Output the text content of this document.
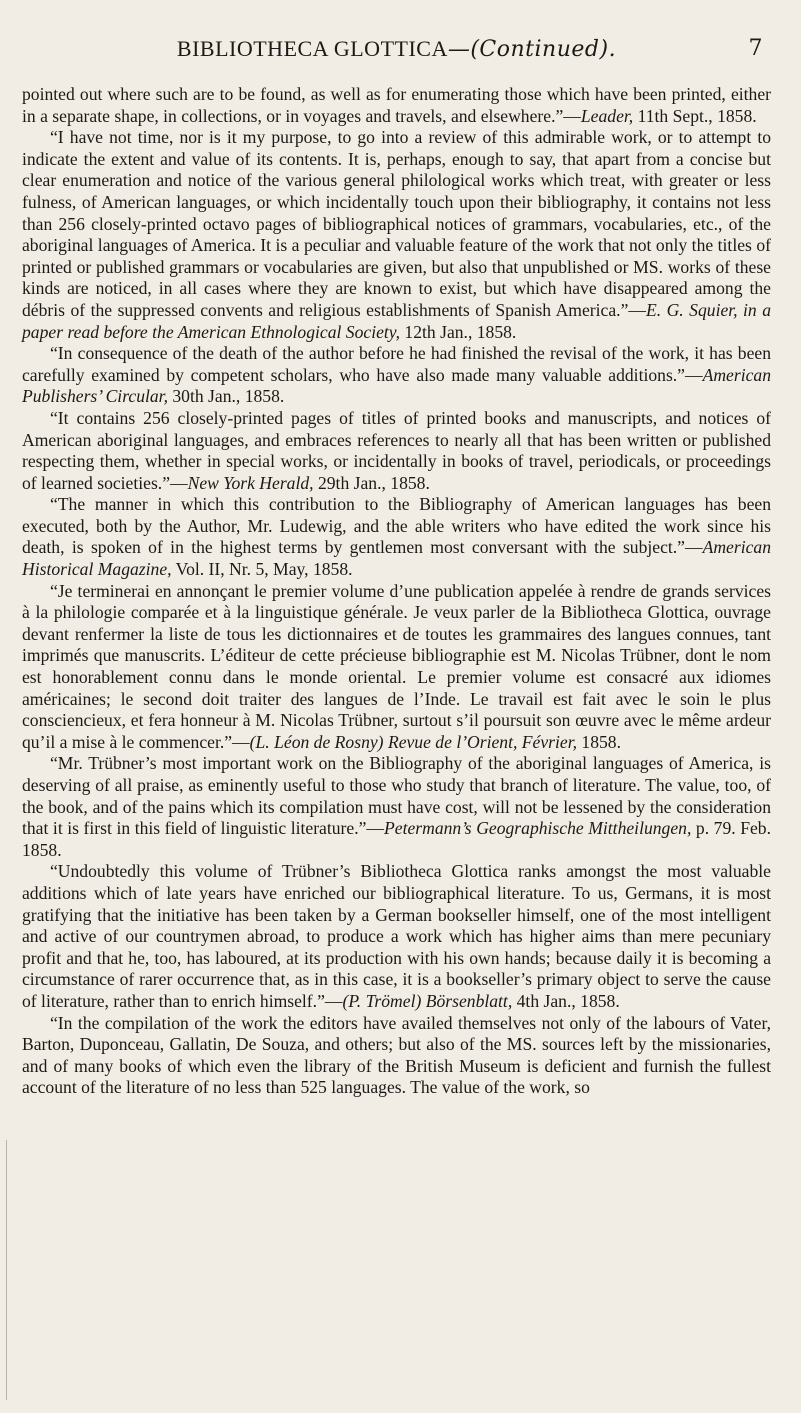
BIBLIOTHECA GLOTTICA—(Continued).	7

pointed out where such are to be found, as well as for enumerating those which have been printed, either in a separate shape, in collections, or in voyages and travels, and elsewhere.”—Leader, 11th Sept., 1858.

“I have not time, nor is it my purpose, to go into a review of this admirable work, or to attempt to indicate the extent and value of its contents. It is, perhaps, enough to say, that apart from a concise but clear enumeration and notice of the various general philological works which treat, with greater or less fulness, of American languages, or which incidentally touch upon their bibliography, it contains not less than 256 closely-printed octavo pages of bibliographical notices of grammars, vocabularies, etc., of the aboriginal languages of America. It is a peculiar and valuable feature of the work that not only the titles of printed or published grammars or vocabularies are given, but also that unpublished or MS. works of these kinds are noticed, in all cases where they are known to exist, but which have disappeared among the débris of the suppressed convents and religious establishments of Spanish America.”—E. G. Squier, in a paper read before the American Ethnological Society, 12th Jan., 1858.

“In consequence of the death of the author before he had finished the revisal of the work, it has been carefully examined by competent scholars, who have also made many valuable additions.”—American Publishers’ Circular, 30th Jan., 1858.

“It contains 256 closely-printed pages of titles of printed books and manuscripts, and notices of American aboriginal languages, and embraces references to nearly all that has been written or published respecting them, whether in special works, or incidentally in books of travel, periodicals, or proceedings of learned societies.”—New York Herald, 29th Jan., 1858.

“The manner in which this contribution to the Bibliography of American languages has been executed, both by the Author, Mr. Ludewig, and the able writers who have edited the work since his death, is spoken of in the highest terms by gentlemen most conversant with the subject.”—American Historical Magazine, Vol. II, Nr. 5, May, 1858.

“Je terminerai en annonçant le premier volume d’une publication appelée à rendre de grands services à la philologie comparée et à la linguistique générale. Je veux parler de la Bibliotheca Glottica, ouvrage devant renfermer la liste de tous les dictionnaires et de toutes les grammaires des langues connues, tant imprimés que manuscrits. L’éditeur de cette précieuse bibliographie est M. Nicolas Trübner, dont le nom est honorablement connu dans le monde oriental. Le premier volume est consacré aux idiomes américaines; le second doit traiter des langues de l’Inde. Le travail est fait avec le soin le plus consciencieux, et fera honneur à M. Nicolas Trübner, surtout s’il poursuit son œuvre avec le même ardeur qu’il a mise à le commencer.”—(L. Léon de Rosny) Revue de l’Orient, Février, 1858.

“Mr. Trübner’s most important work on the Bibliography of the aboriginal languages of America, is deserving of all praise, as eminently useful to those who study that branch of literature. The value, too, of the book, and of the pains which its compilation must have cost, will not be lessened by the consideration that it is first in this field of linguistic literature.”—Petermann’s Geographische Mittheilungen, p. 79. Feb. 1858.

“Undoubtedly this volume of Trübner’s Bibliotheca Glottica ranks amongst the most valuable additions which of late years have enriched our bibliographical literature. To us, Germans, it is most gratifying that the initiative has been taken by a German bookseller himself, one of the most intelligent and active of our countrymen abroad, to produce a work which has higher aims than mere pecuniary profit and that he, too, has laboured, at its production with his own hands; because daily it is becoming a circumstance of rarer occurrence that, as in this case, it is a bookseller’s primary object to serve the cause of literature, rather than to enrich himself.”—(P. Trömel) Börsenblatt, 4th Jan., 1858.

“In the compilation of the work the editors have availed themselves not only of the labours of Vater, Barton, Duponceau, Gallatin, De Souza, and others; but also of the MS. sources left by the missionaries, and of many books of which even the library of the British Museum is deficient and furnish the fullest account of the literature of no less than 525 languages. The value of the work, so
